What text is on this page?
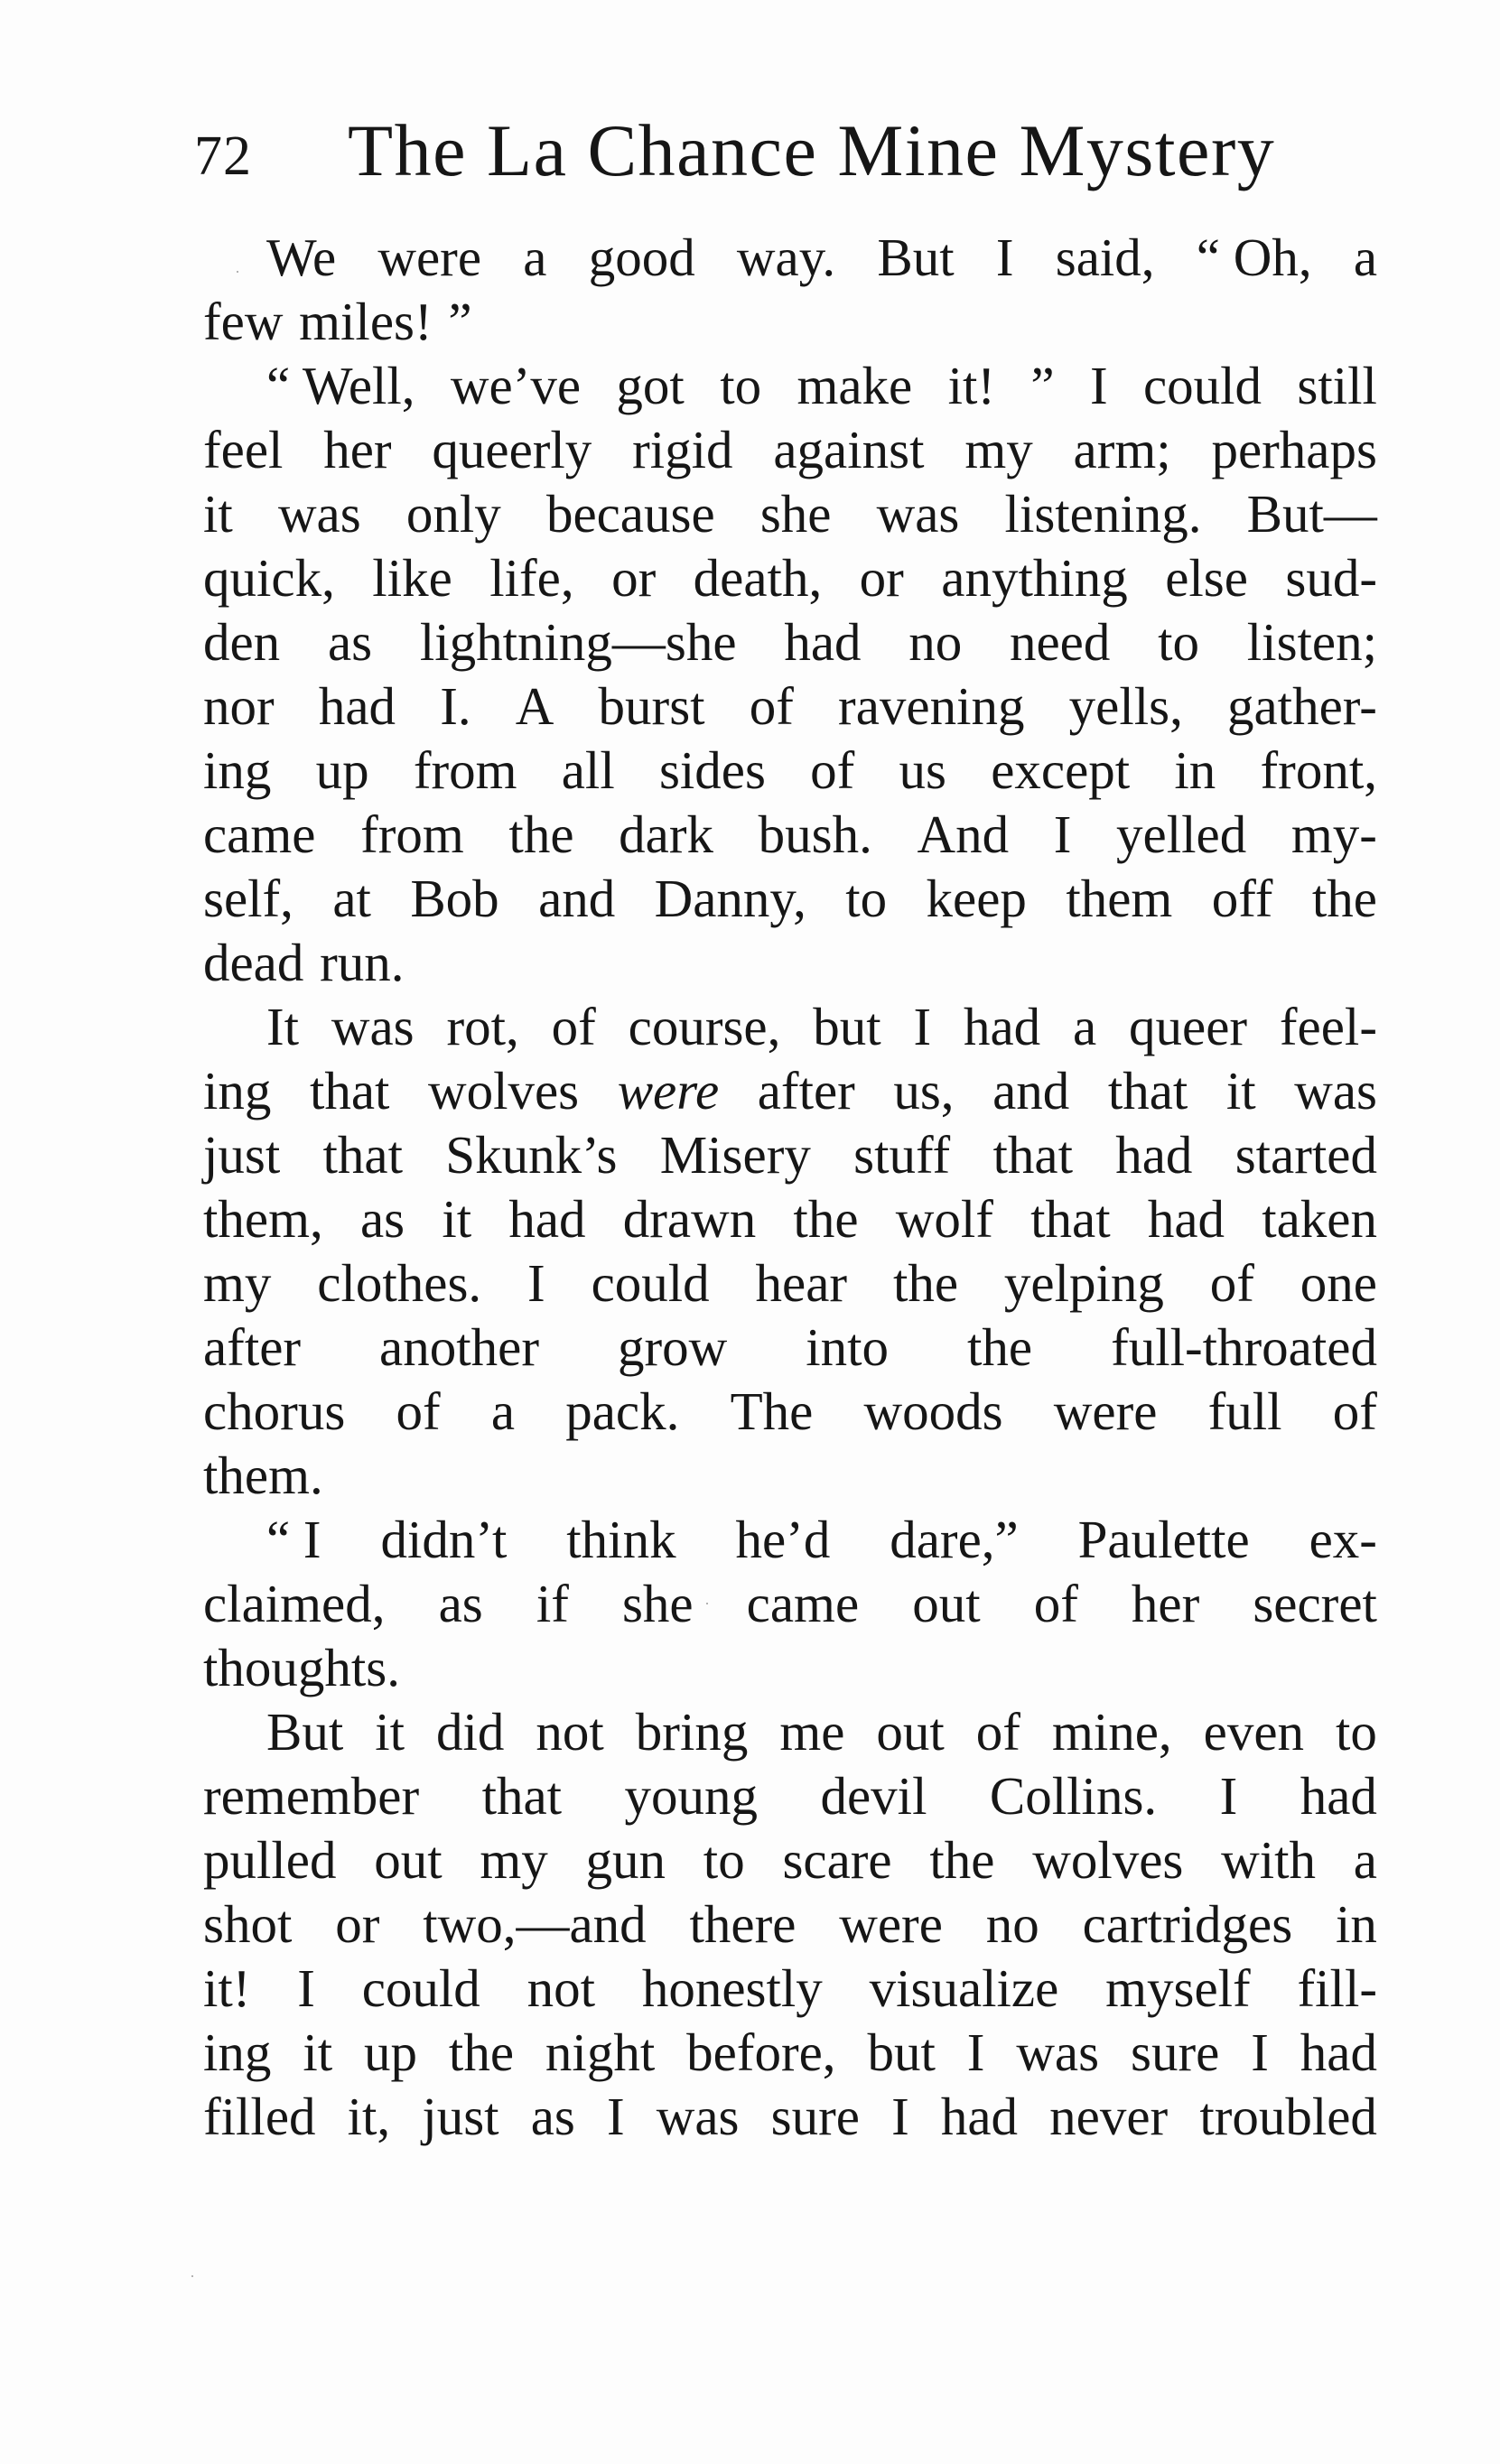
72 The La Chance Mine Mystery
We were a good way. But I said, “ Oh, a
few miles! ”
“ Well, we’ve got to make it! ” I could still
feel her queerly rigid against my arm; perhaps
it was only because she was listening. But—
quick, like life, or death, or anything else sud-
den as lightning—she had no need to listen;
nor had I. A burst of ravening yells, gather-
ing up from all sides of us except in front,
came from the dark bush. And I yelled my-
self, at Bob and Danny, to keep them off the
dead run.
It was rot, of course, but I had a queer feel-
ing that wolves were after us, and that it was
just that Skunk’s Misery stuff that had started
them, as it had drawn the wolf that had taken
my clothes. I could hear the yelping of one
after another grow into the full-throated
chorus of a pack. The woods were full of
them.
“ I didn’t think he’d dare,” Paulette ex-
claimed, as if she came out of her secret
thoughts.
But it did not bring me out of mine, even to
remember that young devil Collins. I had
pulled out my gun to scare the wolves with a
shot or two,—and there were no cartridges in
it! I could not honestly visualize myself fill-
ing it up the night before, but I was sure I had
filled it, just as I was sure I had never troubled
